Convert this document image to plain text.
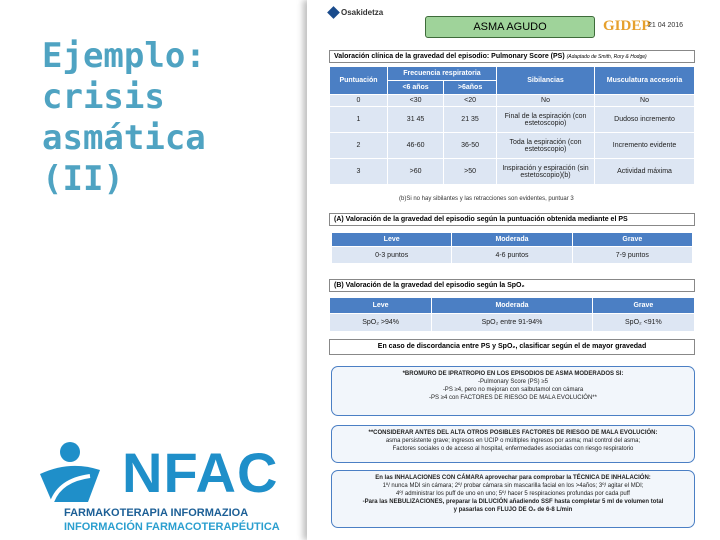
Ejemplo:
crisis
asmática
(II)
NFAC
FARMAKOTERAPIA INFORMAZIOA
INFORMACIÓN FARMACOTERAPÉUTICA
Osakidetza
ASMA AGUDO	GIDEP
21 04 2016
Valoración clínica de la gravedad del episodio: Pulmonary Score (PS) (Adaptado de Smith, Rory & Hodge)
Puntuación	Frecuencia respiratoria		Sibilancias	Musculatura accesoria
	<6 años	>6años		
0	<30	<20	No	No
1	31 45	21 35	Final de la espiración (con estetoscopio)	Dudoso incremento
2	46-60	36-50	Toda la espiración (con estetoscopio)	Incremento evidente
3	>60	>50	Inspiración y espiración (sin estetoscopio)(b)	Actividad máxima
(b)Si no hay sibilantes y las retracciones son evidentes, puntuar 3
(A) Valoración de la gravedad del episodio según la puntuación obtenida mediante el PS
Leve	Moderada	Grave
0-3 puntos	4-6 puntos	7-9 puntos
(B) Valoración de la gravedad del episodio según la SpO₂
Leve	Moderada	Grave
SpO₂ >94%	SpO₂ entre 91-94%	SpO₂ <91%
En caso de discordancia entre PS y SpO₂, clasificar según el de mayor gravedad
*BROMURO DE IPRATROPIO EN LOS EPISODIOS DE ASMA MODERADOS SI:
-Pulmonary Score (PS) ≥5
-PS ≥4, pero no mejoran con salbutamol con cámara
-PS ≥4 con FACTORES DE RIESGO DE MALA EVOLUCIÓN**
**CONSIDERAR ANTES DEL ALTA OTROS POSIBLES FACTORES DE RIESGO DE MALA EVOLUCIÓN:
asma persistente grave; ingresos en UCIP o múltiples ingresos por asma; mal control del asma;
Factores sociales o de acceso al hospital, enfermedades asociadas con riesgo respiratorio
En las INHALACIONES CON CÁMARA aprovechar para comprobar la TÉCNICA DE INHALACIÓN:
1º/ nunca MDI sin cámara; 2º/ probar cámara sin mascarilla facial en los >4años; 3º/ agitar el MDI;
4º/ administrar los puff de uno en uno; 5º/ hacer 5 respiraciones profundas por cada puff
-Para las NEBULIZACIONES, preparar la DILUCIÓN añadiendo SSF hasta completar 5 ml de volumen total
y pasarlas con FLUJO DE O₂ de 6-8 L/min
